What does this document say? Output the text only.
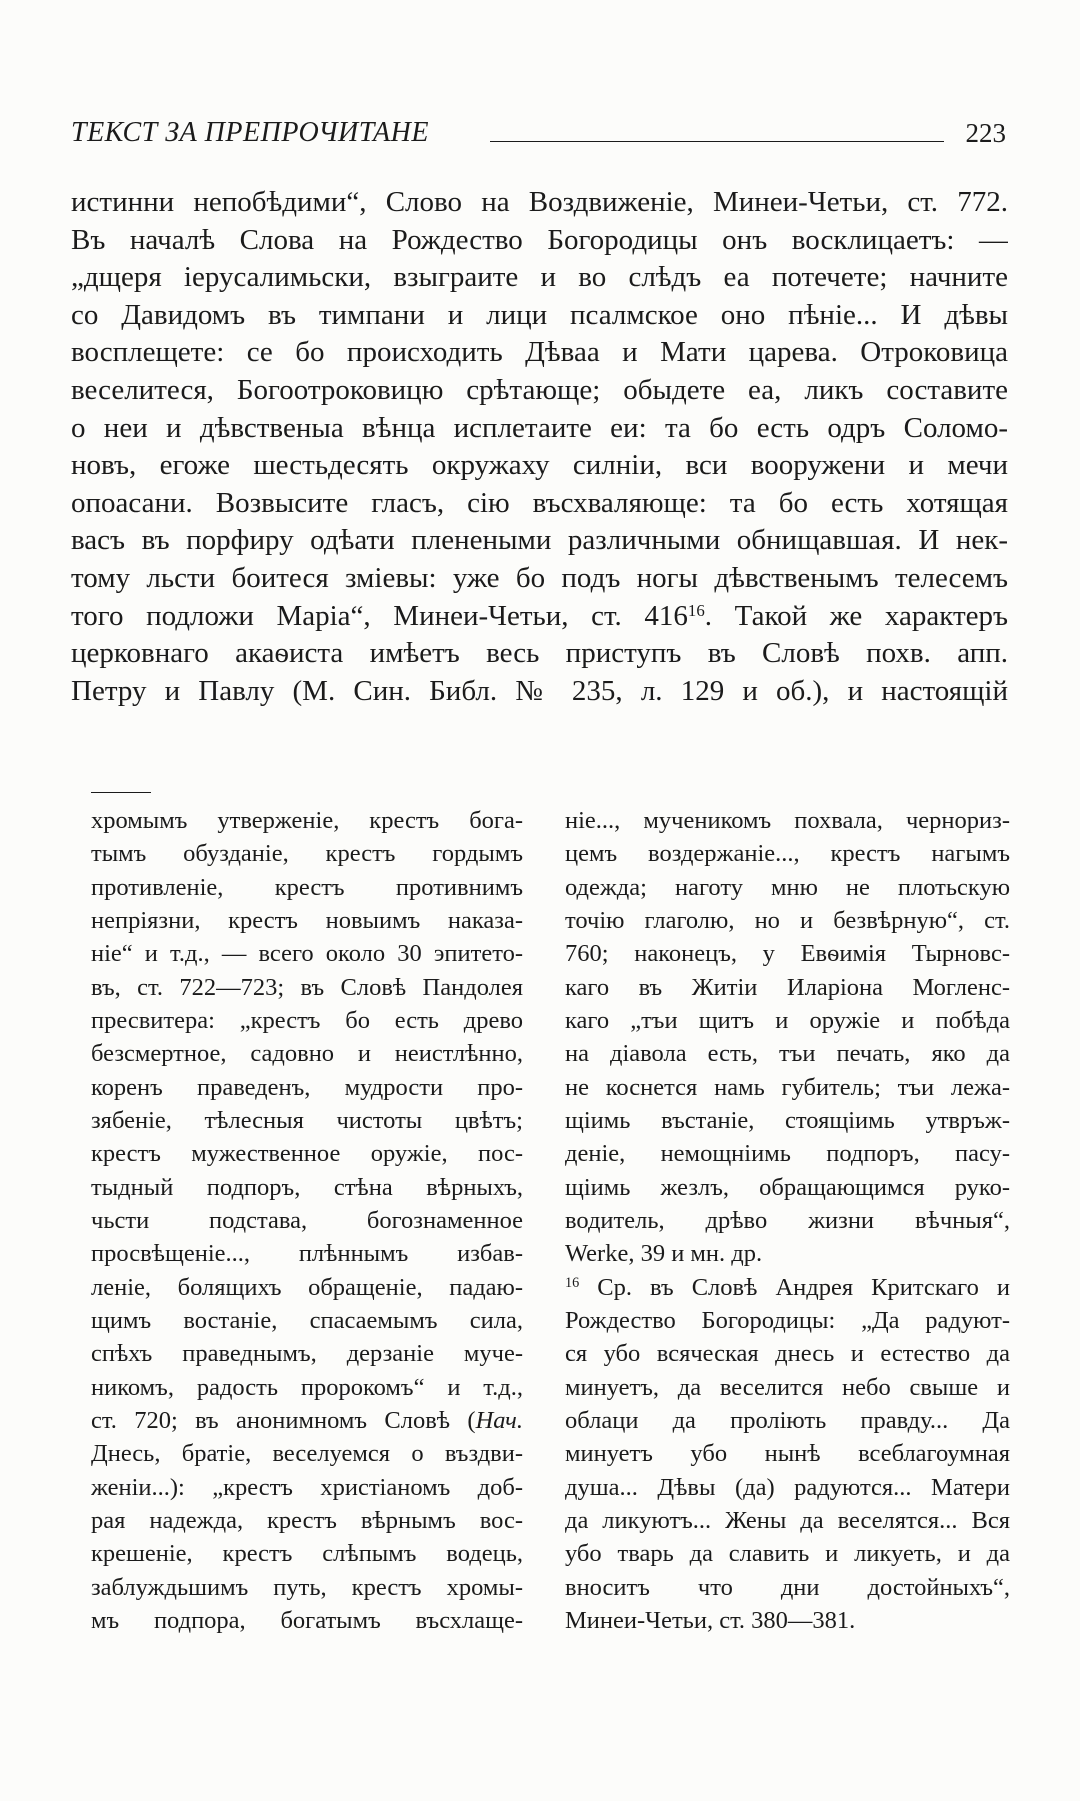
ТЕКСТ ЗА ПРЕПРОЧИТАНЕ	223
истинни непобѣдими“, Слово на Воздвиженіе, Минеи-Четьи, ст. 772.
Въ началѣ Слова на Рождество Богородицы онъ восклицаетъ: —
„дщеря іерусалимьски, взыграите и во слѣдъ еа потечете; начните
со Давидомъ въ тимпани и лици псалмское оно пѣніе... И дѣвы
восплещете: се бо происходить Дѣваа и Мати царева. Отроковица
веселитеся, Богоотроковицю срѣтающе; обыдете еа, ликъ составите
о неи и дѣвственыа вѣнца исплетаите еи: та бо есть одръ Соломо-
новъ, егоже шестьдесять окружаху силніи, вси вооружени и мечи
опоасани. Возвысите гласъ, сію въсхваляюще: та бо есть хотящая
васъ въ порфиру одѣати пленеными различными обнищавшая. И нек-
тому льсти боитеся зміевы: уже бо подъ ногы дѣвственымъ телесемъ
того подложи Маріа“, Минеи-Четьи, ст. $416^{16}$. Такой же характеръ
церковнаго акаѳиста имѣетъ весь приступъ въ Словѣ похв. апп.
Петру и Павлу (М. Син. Библ. № 235, л. 129 и об.), и настоящій
хромымъ утверженіе, крестъ бога-
тымъ обузданіе, крестъ гордымъ
противленіе, крестъ противнимъ
непріязни, крестъ новыимъ наказа-
ніе“ и т.д., — всего около 30 эпитето-
въ, ст. 722—723; въ Словѣ Пандолея
пресвитера: „крестъ бо есть древо
безсмертное, садовно и неистлѣнно,
коренъ праведенъ, мудрости про-
зябеніе, тѣлесныя чистоты цвѣтъ;
крестъ мужественное оружіе, пос-
тыдный подпоръ, стѣна вѣрныхъ,
чьсти подстава, богознаменное
просвѣщеніе..., плѣннымъ избав-
леніе, болящихъ обращеніе, падаю-
щимъ востаніе, спасаемымъ сила,
спѣхъ праведнымъ, дерзаніе муче-
никомъ, радость пророкомъ“ и т.д.,
ст. 720; въ анонимномъ Словѣ (Нач.
Днесь, братіе, веселуемся о въздви-
женіи...): „крестъ христіаномъ доб-
рая надежда, крестъ вѣрнымъ вос-
крешеніе, крестъ слѣпымъ водець,
заблуждьшимъ путь, крестъ хромы-
мъ подпора, богатымъ въсхлаще-
ніе..., мученикомъ похвала, чернориз-
цемъ воздержаніе..., крестъ нагымъ
одежда; наготу мню не плотьскую
точію глаголю, но и безвѣрную“, ст.
760; наконецъ, у Евѳимія Тырновс-
каго въ Житіи Иларіона Могленс-
каго „тъи щитъ и оружіе и побѣда
на діавола есть, тъи печать, яко да
не коснется намь губитель; тъи лежа-
щіимь въстаніе, стоящіимь утвръж-
деніе, немощніимь подпоръ, пасу-
щіимь жезлъ, обращающимся руко-
водитель, дрѣво жизни вѣчныя“,
Werke, 39 и мн. др.
$^{16}$ Ср. въ Словѣ Андрея Критскаго и
Рождество Богородицы: „Да радуют-
ся убо всяческая днесь и естество да
минуетъ, да веселится небо свыше и
облаци да проліють правду... Да
минуетъ убо нынѣ всеблагоумная
душа... Дѣвы (да) радуются... Матери
да ликуютъ... Жены да веселятся... Вся
убо тварь да славить и ликуеть, и да
вноситъ что дни достойныхъ“,
Минеи-Четьи, ст. 380—381.
